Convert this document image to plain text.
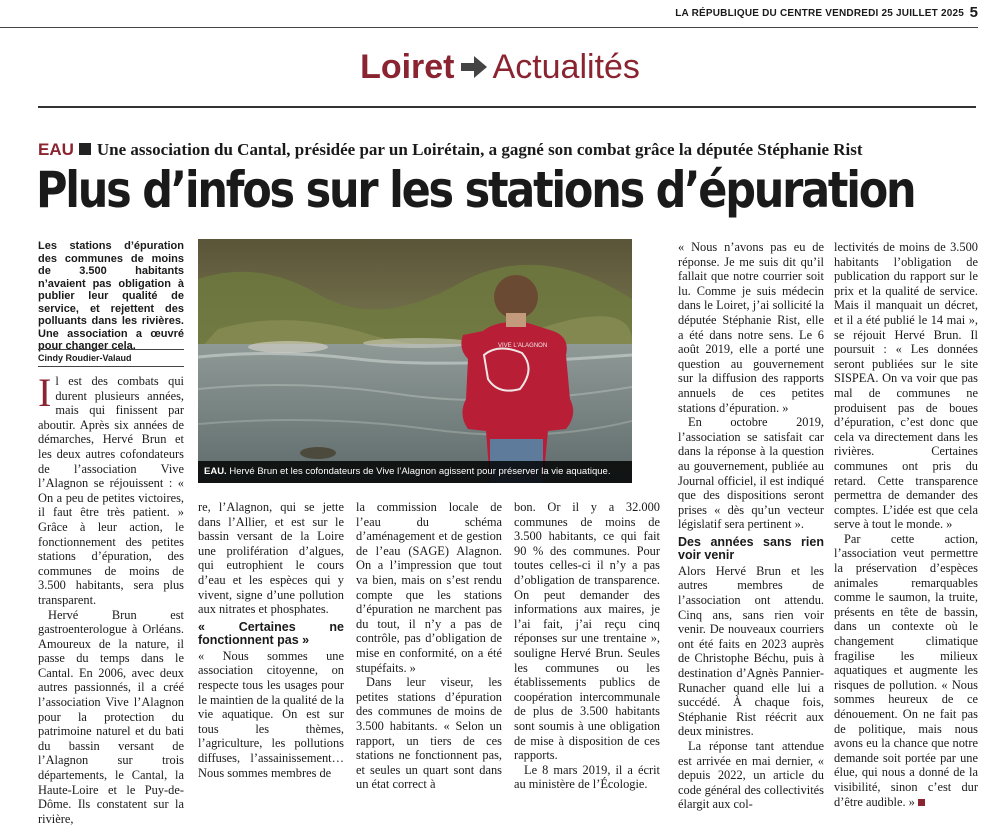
LA RÉPUBLIQUE DU CENTRE VENDREDI 25 JUILLET 2025 5
Loiret Actualités
EAU Une association du Cantal, présidée par un Loirétain, a gagné son combat grâce la députée Stéphanie Rist
Plus d’infos sur les stations d’épuration
Les stations d’épuration des communes de moins de 3.500 habitants n’avaient pas obligation à publier leur qualité de service, et rejettent des polluants dans les rivières. Une association a œuvré pour changer cela.
Cindy Roudier-Valaud

Il est des combats qui durent plusieurs années, mais qui finissent par aboutir. Après six années de démarches, Hervé Brun et les deux autres cofondateurs de l’association Vive l’Alagnon se réjouissent : « On a peu de petites victoires, il faut être très patient. » Grâce à leur action, le fonctionnement des petites stations d’épuration, des communes de moins de 3.500 habitants, sera plus transparent.

Hervé Brun est gastroenterologue à Orléans. Amoureux de la nature, il passe du temps dans le Cantal. En 2006, avec deux autres passionnés, il a créé l’association Vive l’Alagnon pour la protection du patrimoine naturel et du bati du bassin versant de l’Alagnon sur trois départements, le Cantal, la Haute-Loire et le Puy-de-Dôme. Ils constatent sur la rivière,

VIVE L'ALAGNON
EAU. Hervé Brun et les cofondateurs de Vive l’Alagnon agissent pour préserver la vie aquatique.

re, l’Alagnon, qui se jette dans l’Allier, et est sur le bassin versant de la Loire une prolifération d’algues, qui eutrophient le cours d’eau et les espèces qui y vivent, signe d’une pollution aux nitrates et phosphates.

« Certaines ne fonctionnent pas »

« Nous sommes une association citoyenne, on respecte tous les usages pour le maintien de la qualité de la vie aquatique. On est sur tous les thèmes, l’agriculture, les pollutions diffuses, l’assainissement… Nous sommes membres de

la commission locale de l’eau du schéma d’aménagement et de gestion de l’eau (SAGE) Alagnon. On a l’impression que tout va bien, mais on s’est rendu compte que les stations d’épuration ne marchent pas du tout, il n’y a pas de contrôle, pas d’obligation de mise en conformité, on a été stupéfaits. »

Dans leur viseur, les petites stations d’épuration des communes de moins de 3.500 habitants. « Selon un rapport, un tiers de ces stations ne fonctionnent pas, et seules un quart sont dans un état correct à

bon. Or il y a 32.000 communes de moins de 3.500 habitants, ce qui fait 90 % des communes. Pour toutes celles-ci il n’y a pas d’obligation de transparence. On peut demander des informations aux maires, je l’ai fait, j’ai reçu cinq réponses sur une trentaine », souligne Hervé Brun. Seules les communes ou les établissements publics de coopération intercommunale de plus de 3.500 habitants sont soumis à une obligation de mise à disposition de ces rapports.

Le 8 mars 2019, il a écrit au ministère de l’Écologie.

« Nous n’avons pas eu de réponse. Je me suis dit qu’il fallait que notre courrier soit lu. Comme je suis médecin dans le Loiret, j’ai sollicité la députée Stéphanie Rist, elle a été dans notre sens. Le 6 août 2019, elle a porté une question au gouvernement sur la diffusion des rapports annuels de ces petites stations d’épuration. »

En octobre 2019, l’association se satisfait car dans la réponse à la question au gouvernement, publiée au Journal officiel, il est indiqué que des dispositions seront prises « dès qu’un vecteur législatif sera pertinent ».

Des années sans rien voir venir

Alors Hervé Brun et les autres membres de l’association ont attendu. Cinq ans, sans rien voir venir. De nouveaux courriers ont été faits en 2023 auprès de Christophe Béchu, puis à destination d’Agnès Pannier-Runacher quand elle lui a succédé. À chaque fois, Stéphanie Rist réécrit aux deux ministres.

La réponse tant attendue est arrivée en mai dernier, « depuis 2022, un article du code général des collectivités élargit aux col-

lectivités de moins de 3.500 habitants l’obligation de publication du rapport sur le prix et la qualité de service. Mais il manquait un décret, et il a été publié le 14 mai », se réjouit Hervé Brun. Il poursuit : « Les données seront publiées sur le site SISPEA. On va voir que pas mal de communes ne produisent pas de boues d’épuration, c’est donc que cela va directement dans les rivières. Certaines communes ont pris du retard. Cette transparence permettra de demander des comptes. L’idée est que cela serve à tout le monde. »

Par cette action, l’association veut permettre la préservation d’espèces animales remarquables comme le saumon, la truite, présents en tête de bassin, dans un contexte où le changement climatique fragilise les milieux aquatiques et augmente les risques de pollution. « Nous sommes heureux de ce dénouement. On ne fait pas de politique, mais nous avons eu la chance que notre demande soit portée par une élue, qui nous a donné de la visibilité, sinon c’est dur d’être audible. »
